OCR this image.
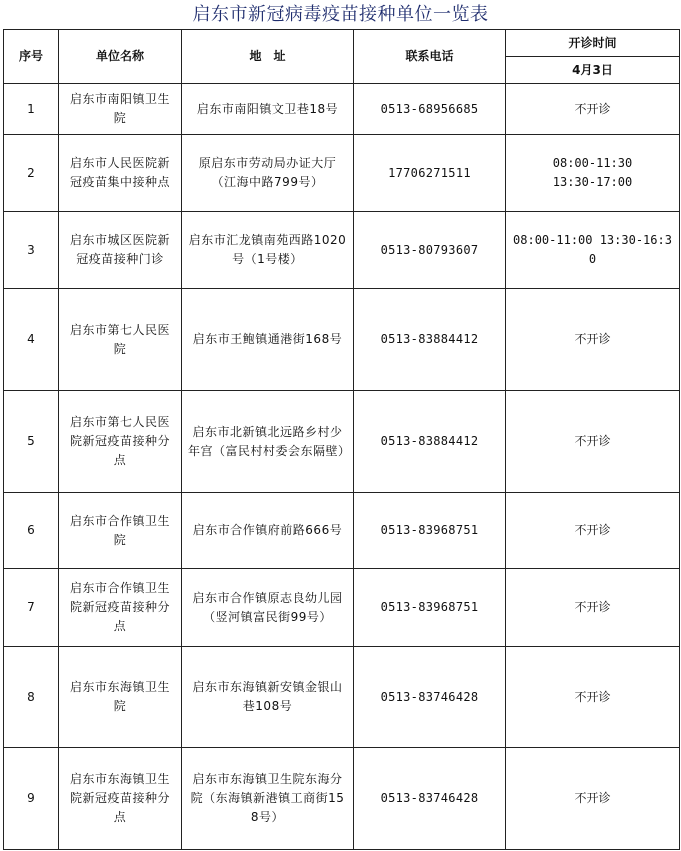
启东市新冠病毒疫苗接种单位一览表
序号	单位名称	地　址	联系电话	开诊时间
				4月3日
1	启东市南阳镇卫生院	启东市南阳镇文卫巷18号	0513-68956685	不开诊
2	启东市人民医院新冠疫苗集中接种点	原启东市劳动局办证大厅（江海中路799号）	17706271511	08:00-11:30
13:30-17:00
3	启东市城区医院新冠疫苗接种门诊	启东市汇龙镇南苑西路1020号（1号楼）	0513-80793607	08:00-11:00 13:30-16:30
4	启东市第七人民医院	启东市王鲍镇通港街168号	0513-83884412	不开诊
5	启东市第七人民医院新冠疫苗接种分点	启东市北新镇北远路乡村少年宫（富民村村委会东隔壁）	0513-83884412	不开诊
6	启东市合作镇卫生院	启东市合作镇府前路666号	0513-83968751	不开诊
7	启东市合作镇卫生院新冠疫苗接种分点	启东市合作镇原志良幼儿园（竖河镇富民街99号）	0513-83968751	不开诊
8	启东市东海镇卫生院	启东市东海镇新安镇金银山巷108号	0513-83746428	不开诊
9	启东市东海镇卫生院新冠疫苗接种分点	启东市东海镇卫生院东海分院（东海镇新港镇工商街158号）	0513-83746428	不开诊
